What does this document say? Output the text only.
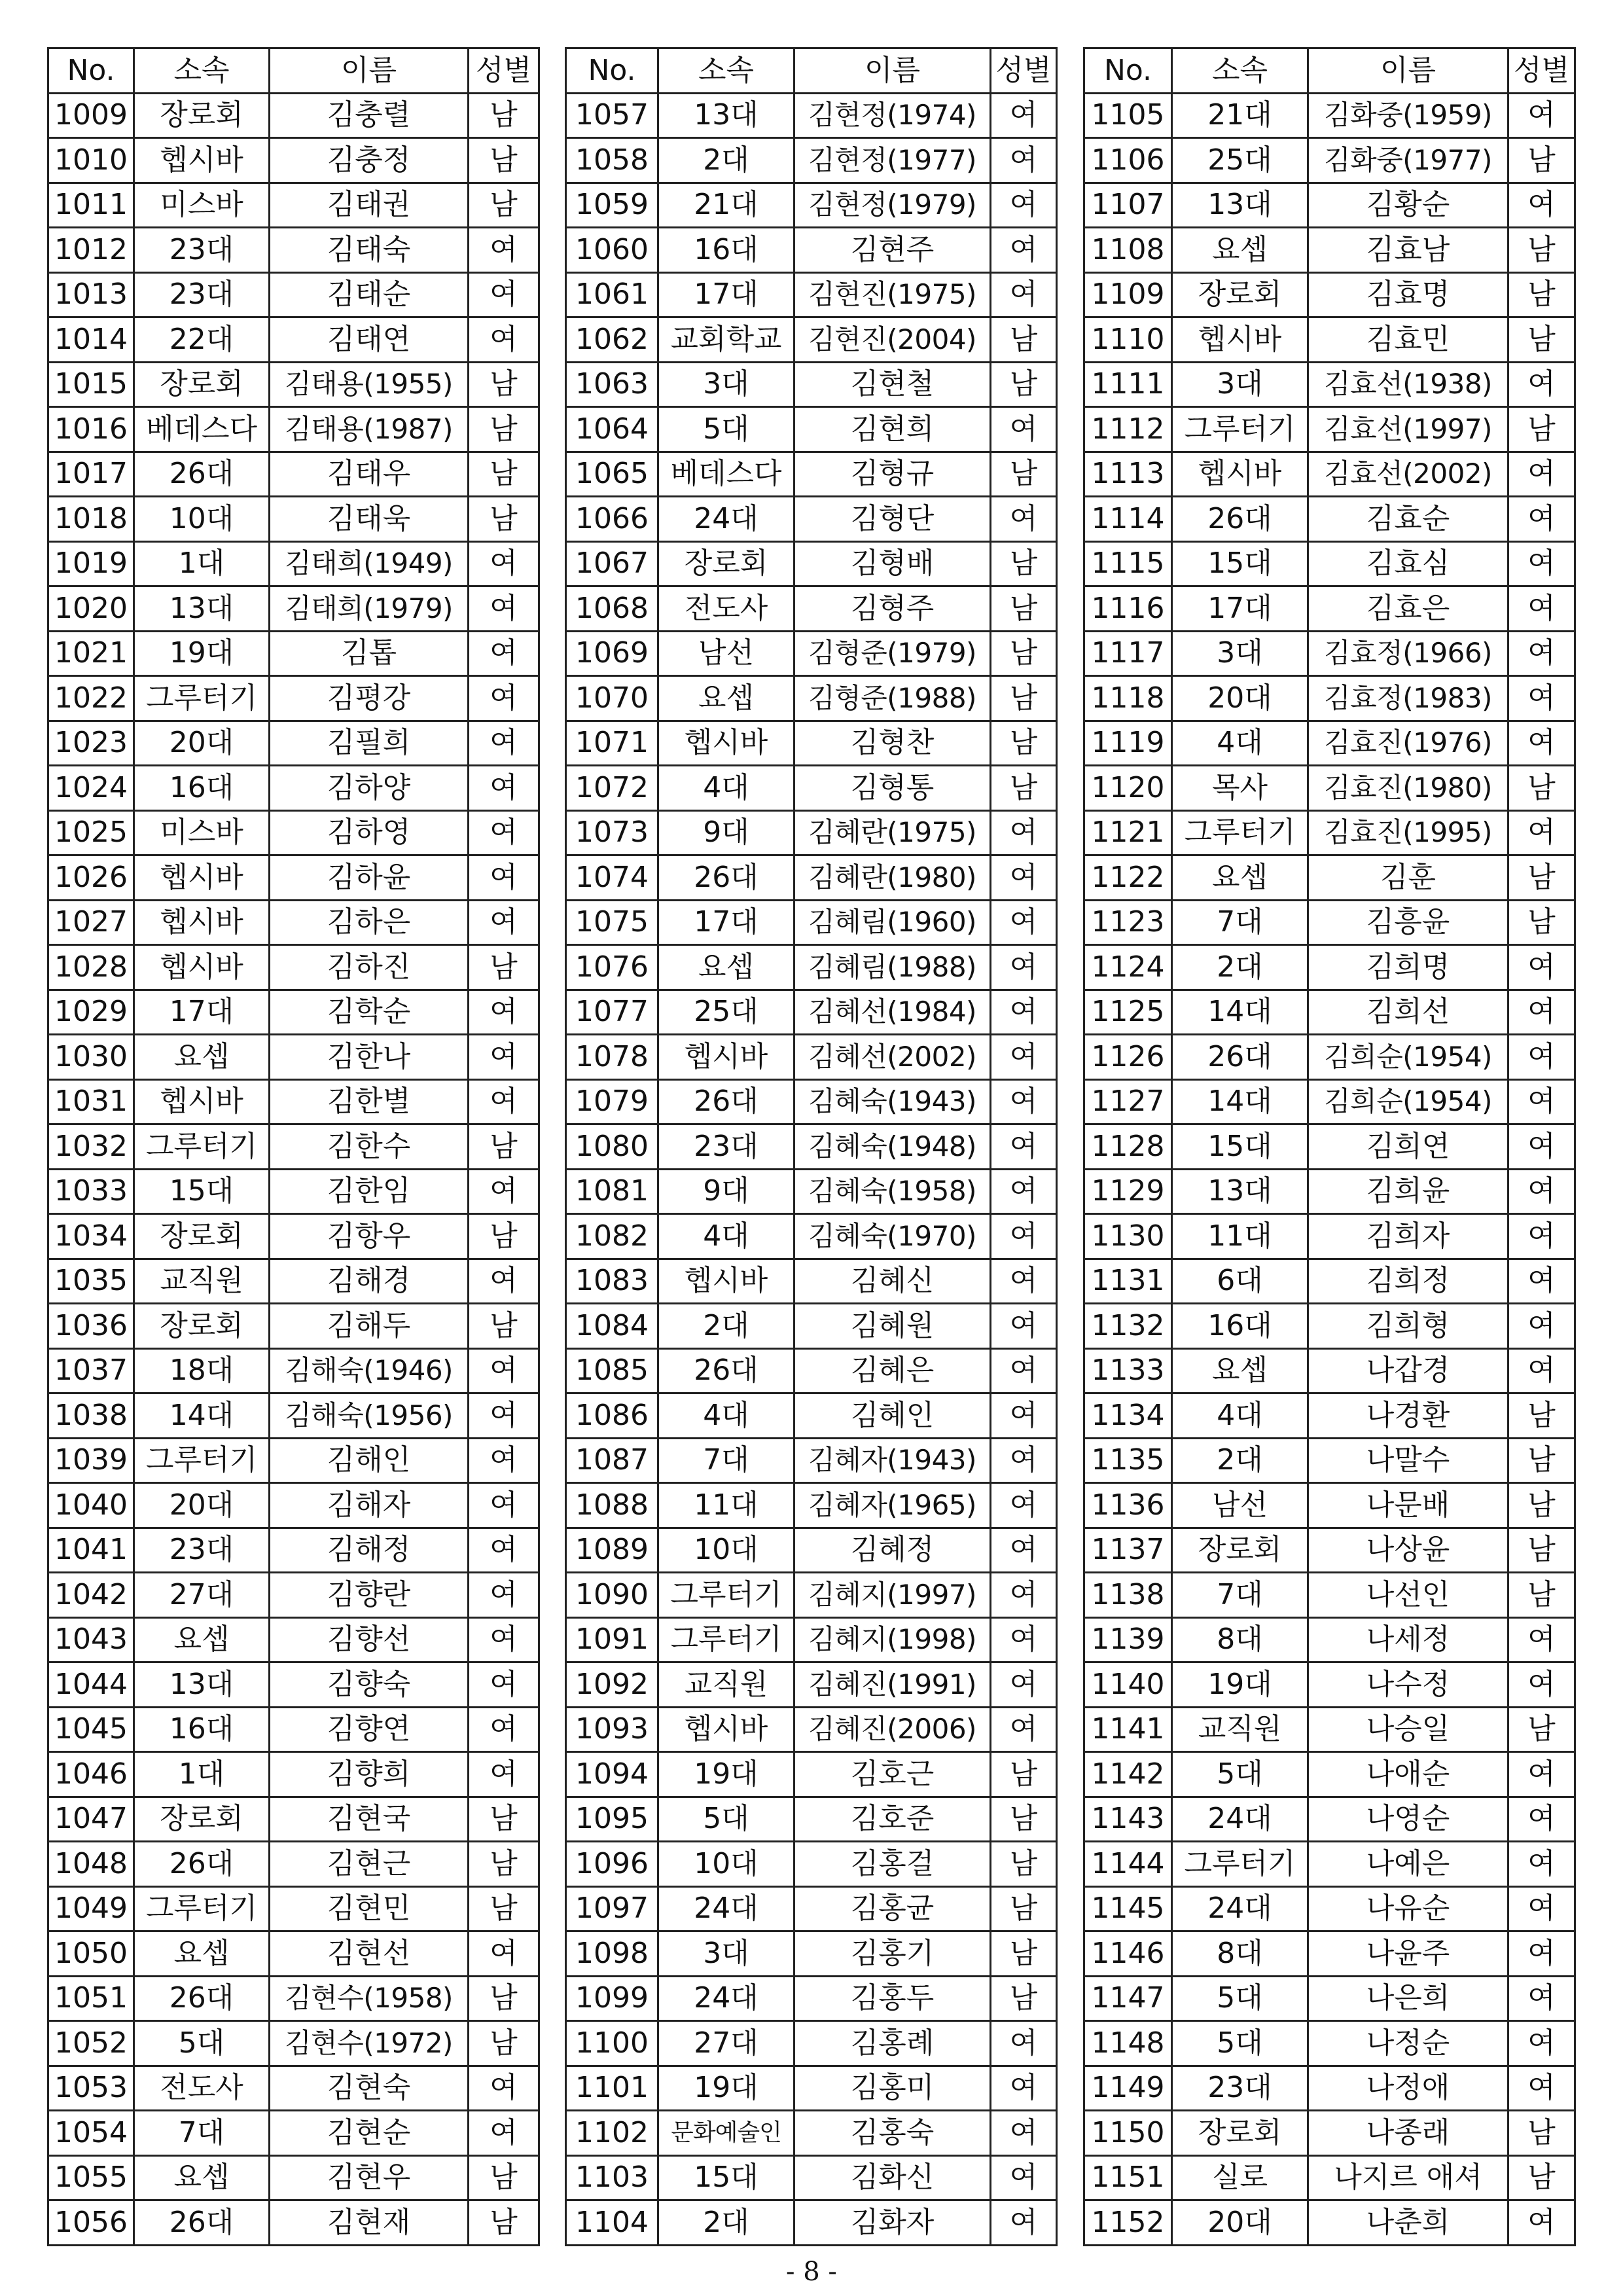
No.	소속	이름	성별
1009	장로회	김충렬	남
1010	헵시바	김충정	남
1011	미스바	김태권	남
1012	23대	김태숙	여
1013	23대	김태순	여
1014	22대	김태연	여
1015	장로회	김태용(1955)	남
1016	베데스다	김태용(1987)	남
1017	26대	김태우	남
1018	10대	김태욱	남
1019	1대	김태희(1949)	여
1020	13대	김태희(1979)	여
1021	19대	김톱	여
1022	그루터기	김평강	여
1023	20대	김필희	여
1024	16대	김하양	여
1025	미스바	김하영	여
1026	헵시바	김하윤	여
1027	헵시바	김하은	여
1028	헵시바	김하진	남
1029	17대	김학순	여
1030	요셉	김한나	여
1031	헵시바	김한별	여
1032	그루터기	김한수	남
1033	15대	김한임	여
1034	장로회	김항우	남
1035	교직원	김해경	여
1036	장로회	김해두	남
1037	18대	김해숙(1946)	여
1038	14대	김해숙(1956)	여
1039	그루터기	김해인	여
1040	20대	김해자	여
1041	23대	김해정	여
1042	27대	김향란	여
1043	요셉	김향선	여
1044	13대	김향숙	여
1045	16대	김향연	여
1046	1대	김향희	여
1047	장로회	김현국	남
1048	26대	김현근	남
1049	그루터기	김현민	남
1050	요셉	김현선	여
1051	26대	김현수(1958)	남
1052	5대	김현수(1972)	남
1053	전도사	김현숙	여
1054	7대	김현순	여
1055	요셉	김현우	남
1056	26대	김현재	남
No.	소속	이름	성별
1057	13대	김현정(1974)	여
1058	2대	김현정(1977)	여
1059	21대	김현정(1979)	여
1060	16대	김현주	여
1061	17대	김현진(1975)	여
1062	교회학교	김현진(2004)	남
1063	3대	김현철	남
1064	5대	김현희	여
1065	베데스다	김형규	남
1066	24대	김형단	여
1067	장로회	김형배	남
1068	전도사	김형주	남
1069	남선	김형준(1979)	남
1070	요셉	김형준(1988)	남
1071	헵시바	김형찬	남
1072	4대	김형통	남
1073	9대	김혜란(1975)	여
1074	26대	김혜란(1980)	여
1075	17대	김혜림(1960)	여
1076	요셉	김혜림(1988)	여
1077	25대	김혜선(1984)	여
1078	헵시바	김혜선(2002)	여
1079	26대	김혜숙(1943)	여
1080	23대	김혜숙(1948)	여
1081	9대	김혜숙(1958)	여
1082	4대	김혜숙(1970)	여
1083	헵시바	김혜신	여
1084	2대	김혜원	여
1085	26대	김혜은	여
1086	4대	김혜인	여
1087	7대	김혜자(1943)	여
1088	11대	김혜자(1965)	여
1089	10대	김혜정	여
1090	그루터기	김혜지(1997)	여
1091	그루터기	김혜지(1998)	여
1092	교직원	김혜진(1991)	여
1093	헵시바	김혜진(2006)	여
1094	19대	김호근	남
1095	5대	김호준	남
1096	10대	김홍걸	남
1097	24대	김홍균	남
1098	3대	김홍기	남
1099	24대	김홍두	남
1100	27대	김홍례	여
1101	19대	김홍미	여
1102	문화예술인	김홍숙	여
1103	15대	김화신	여
1104	2대	김화자	여
No.	소속	이름	성별
1105	21대	김화중(1959)	여
1106	25대	김화중(1977)	남
1107	13대	김황순	여
1108	요셉	김효남	남
1109	장로회	김효명	남
1110	헵시바	김효민	남
1111	3대	김효선(1938)	여
1112	그루터기	김효선(1997)	남
1113	헵시바	김효선(2002)	여
1114	26대	김효순	여
1115	15대	김효심	여
1116	17대	김효은	여
1117	3대	김효정(1966)	여
1118	20대	김효정(1983)	여
1119	4대	김효진(1976)	여
1120	목사	김효진(1980)	남
1121	그루터기	김효진(1995)	여
1122	요셉	김훈	남
1123	7대	김흥윤	남
1124	2대	김희명	여
1125	14대	김희선	여
1126	26대	김희순(1954)	여
1127	14대	김희순(1954)	여
1128	15대	김희연	여
1129	13대	김희윤	여
1130	11대	김희자	여
1131	6대	김희정	여
1132	16대	김희형	여
1133	요셉	나갑경	여
1134	4대	나경환	남
1135	2대	나말수	남
1136	남선	나문배	남
1137	장로회	나상윤	남
1138	7대	나선인	남
1139	8대	나세정	여
1140	19대	나수정	여
1141	교직원	나승일	남
1142	5대	나애순	여
1143	24대	나영순	여
1144	그루터기	나예은	여
1145	24대	나유순	여
1146	8대	나윤주	여
1147	5대	나은희	여
1148	5대	나정순	여
1149	23대	나정애	여
1150	장로회	나종래	남
1151	실로	나지르 애셔	남
1152	20대	나춘희	여
- 8 -
